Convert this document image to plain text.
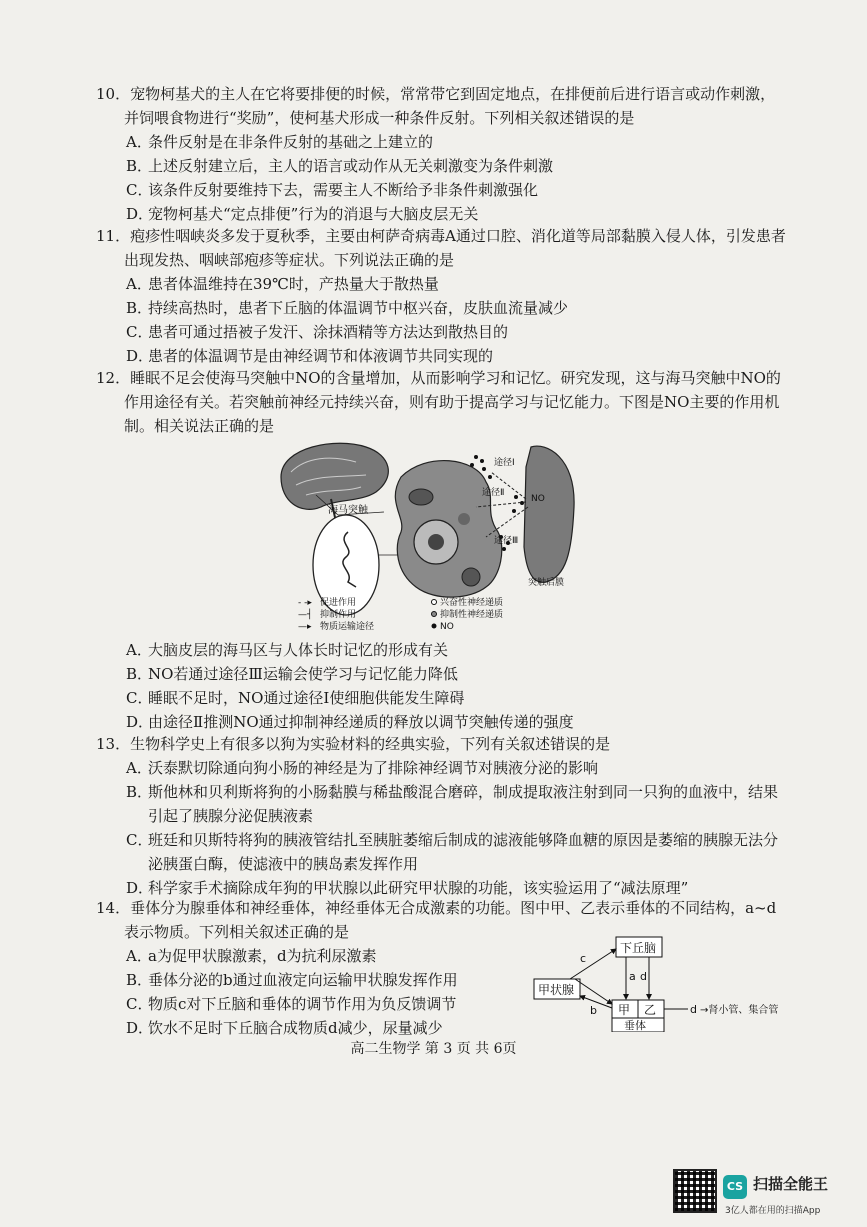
10．宠物柯基犬的主人在它将要排便的时候，常常带它到固定地点，在排便前后进行语言或动作刺激，并饲喂食物进行“奖励”，使柯基犬形成一种条件反射。下列相关叙述错误的是

A．条件反射是在非条件反射的基础之上建立的

B．上述反射建立后，主人的语言或动作从无关刺激变为条件刺激

C．该条件反射要维持下去，需要主人不断给予非条件刺激强化

D．宠物柯基犬“定点排便”行为的消退与大脑皮层无关

11．疱疹性咽峡炎多发于夏秋季，主要由柯萨奇病毒A通过口腔、消化道等局部黏膜入侵人体，引发患者出现发热、咽峡部疱疹等症状。下列说法正确的是

A．患者体温维持在39℃时，产热量大于散热量

B．持续高热时，患者下丘脑的体温调节中枢兴奋，皮肤血流量减少

C．患者可通过捂被子发汗、涂抹酒精等方法达到散热目的

D．患者的体温调节是由神经调节和体液调节共同实现的

12．睡眠不足会使海马突触中NO的含量增加，从而影响学习和记忆。研究发现，这与海马突触中NO的作用途径有关。若突触前神经元持续兴奋，则有助于提高学习与记忆能力。下图是NO主要的作用机制。相关说法正确的是

海马突触
途径Ⅰ
途径Ⅱ
途径Ⅲ
NO
突触后膜
- -▸ 促进作用
—┤ 抑制作用
—▸ 物质运输途径
兴奋性神经递质
抑制性神经递质
NO

A．大脑皮层的海马区与人体长时记忆的形成有关

B．NO若通过途径Ⅲ运输会使学习与记忆能力降低

C．睡眠不足时，NO通过途径Ⅰ使细胞供能发生障碍

D．由途径Ⅱ推测NO通过抑制神经递质的释放以调节突触传递的强度

13．生物科学史上有很多以狗为实验材料的经典实验，下列有关叙述错误的是

A．沃泰默切除通向狗小肠的神经是为了排除神经调节对胰液分泌的影响

B．斯他林和贝利斯将狗的小肠黏膜与稀盐酸混合磨碎，制成提取液注射到同一只狗的血液中，结果引起了胰腺分泌促胰液素

C．班廷和贝斯特将狗的胰液管结扎至胰脏萎缩后制成的滤液能够降血糖的原因是萎缩的胰腺无法分泌胰蛋白酶，使滤液中的胰岛素发挥作用

D．科学家手术摘除成年狗的甲状腺以此研究甲状腺的功能，该实验运用了“减法原理”

14．垂体分为腺垂体和神经垂体，神经垂体无合成激素的功能。图中甲、乙表示垂体的不同结构，a~d表示物质。下列相关叙述正确的是

A．a为促甲状腺激素，d为抗利尿激素

B．垂体分泌的b通过血液定向运输甲状腺发挥作用

C．物质c对下丘脑和垂体的调节作用为负反馈调节

D．饮水不足时下丘脑合成物质d减少，尿量减少

下丘脑
甲状腺
甲 乙
垂体
a d
c
b	d →肾小管、集合管
高二生物学 第 3 页 共 6页
CS 扫描全能王
3亿人都在用的扫描App
